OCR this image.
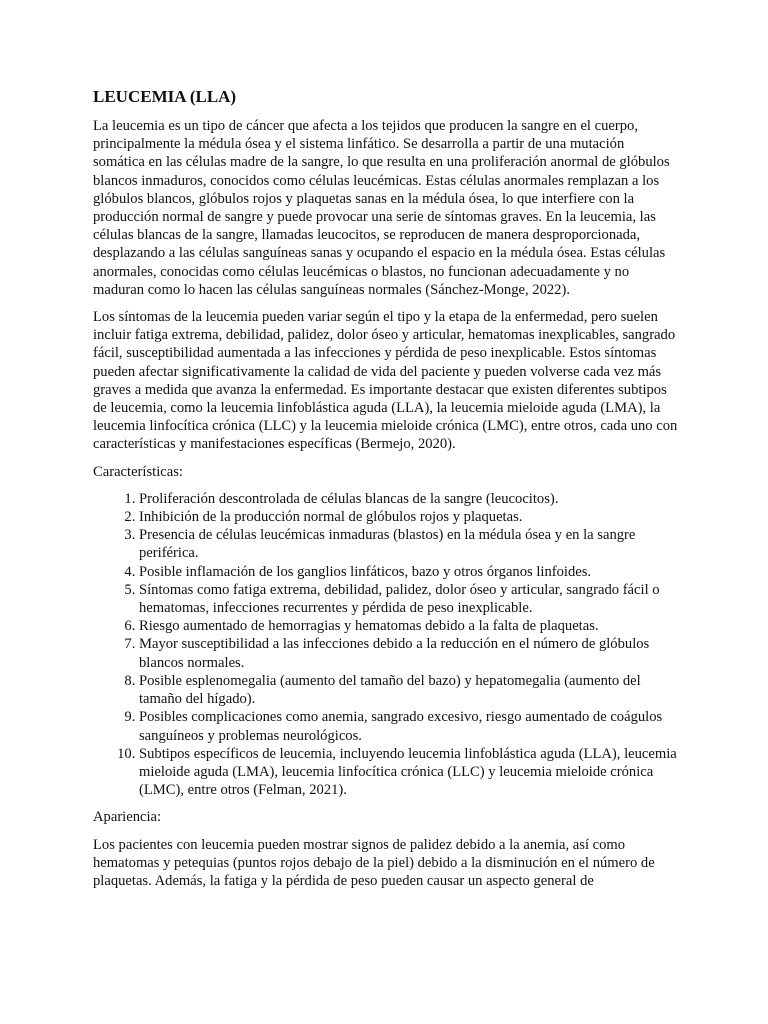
LEUCEMIA (LLA)

La leucemia es un tipo de cáncer que afecta a los tejidos que producen la sangre en el cuerpo, principalmente la médula ósea y el sistema linfático. Se desarrolla a partir de una mutación somática en las células madre de la sangre, lo que resulta en una proliferación anormal de glóbulos blancos inmaduros, conocidos como células leucémicas. Estas células anormales remplazan a los glóbulos blancos, glóbulos rojos y plaquetas sanas en la médula ósea, lo que interfiere con la producción normal de sangre y puede provocar una serie de síntomas graves. En la leucemia, las células blancas de la sangre, llamadas leucocitos, se reproducen de manera desproporcionada, desplazando a las células sanguíneas sanas y ocupando el espacio en la médula ósea. Estas células anormales, conocidas como células leucémicas o blastos, no funcionan adecuadamente y no maduran como lo hacen las células sanguíneas normales (Sánchez-Monge, 2022).

Los síntomas de la leucemia pueden variar según el tipo y la etapa de la enfermedad, pero suelen incluir fatiga extrema, debilidad, palidez, dolor óseo y articular, hematomas inexplicables, sangrado fácil, susceptibilidad aumentada a las infecciones y pérdida de peso inexplicable. Estos síntomas pueden afectar significativamente la calidad de vida del paciente y pueden volverse cada vez más graves a medida que avanza la enfermedad. Es importante destacar que existen diferentes subtipos de leucemia, como la leucemia linfoblástica aguda (LLA), la leucemia mieloide aguda (LMA), la leucemia linfocítica crónica (LLC) y la leucemia mieloide crónica (LMC), entre otros, cada uno con características y manifestaciones específicas (Bermejo, 2020).

Características:

1. Proliferación descontrolada de células blancas de la sangre (leucocitos).
2. Inhibición de la producción normal de glóbulos rojos y plaquetas.
3. Presencia de células leucémicas inmaduras (blastos) en la médula ósea y en la sangre periférica.
4. Posible inflamación de los ganglios linfáticos, bazo y otros órganos linfoides.
5. Síntomas como fatiga extrema, debilidad, palidez, dolor óseo y articular, sangrado fácil o hematomas, infecciones recurrentes y pérdida de peso inexplicable.
6. Riesgo aumentado de hemorragias y hematomas debido a la falta de plaquetas.
7. Mayor susceptibilidad a las infecciones debido a la reducción en el número de glóbulos blancos normales.
8. Posible esplenomegalia (aumento del tamaño del bazo) y hepatomegalia (aumento del tamaño del hígado).
9. Posibles complicaciones como anemia, sangrado excesivo, riesgo aumentado de coágulos sanguíneos y problemas neurológicos.
10. Subtipos específicos de leucemia, incluyendo leucemia linfoblástica aguda (LLA), leucemia mieloide aguda (LMA), leucemia linfocítica crónica (LLC) y leucemia mieloide crónica (LMC), entre otros (Felman, 2021).

Apariencia:

Los pacientes con leucemia pueden mostrar signos de palidez debido a la anemia, así como hematomas y petequias (puntos rojos debajo de la piel) debido a la disminución en el número de plaquetas. Además, la fatiga y la pérdida de peso pueden causar un aspecto general de
